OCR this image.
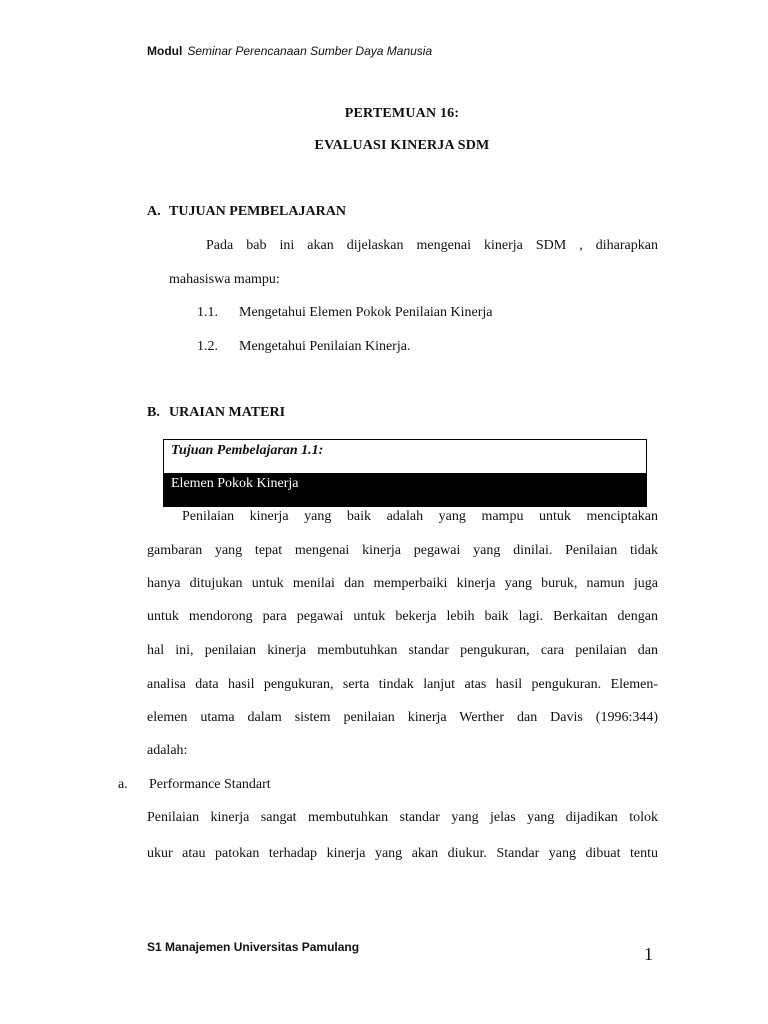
Modul Seminar Perencanaan Sumber Daya Manusia
PERTEMUAN 16:
EVALUASI KINERJA SDM
A. TUJUAN PEMBELAJARAN
Pada bab ini akan dijelaskan mengenai kinerja SDM , diharapkan
mahasiswa mampu:
1.1. Mengetahui Elemen Pokok Penilaian Kinerja
1.2. Mengetahui Penilaian Kinerja.
B. URAIAN MATERI
Tujuan Pembelajaran 1.1:
Elemen Pokok Kinerja
Penilaian kinerja yang baik adalah yang mampu untuk menciptakan
gambaran yang tepat mengenai kinerja pegawai yang dinilai. Penilaian tidak
hanya ditujukan untuk menilai dan memperbaiki kinerja yang buruk, namun juga
untuk mendorong para pegawai untuk bekerja lebih baik lagi. Berkaitan dengan
hal ini, penilaian kinerja membutuhkan standar pengukuran, cara penilaian dan
analisa data hasil pengukuran, serta tindak lanjut atas hasil pengukuran. Elemen-
elemen utama dalam sistem penilaian kinerja Werther dan Davis (1996:344)
adalah:
a. Performance Standart
Penilaian kinerja sangat membutuhkan standar yang jelas yang dijadikan tolok
ukur atau patokan terhadap kinerja yang akan diukur. Standar yang dibuat tentu
S1 Manajemen Universitas Pamulang	1
